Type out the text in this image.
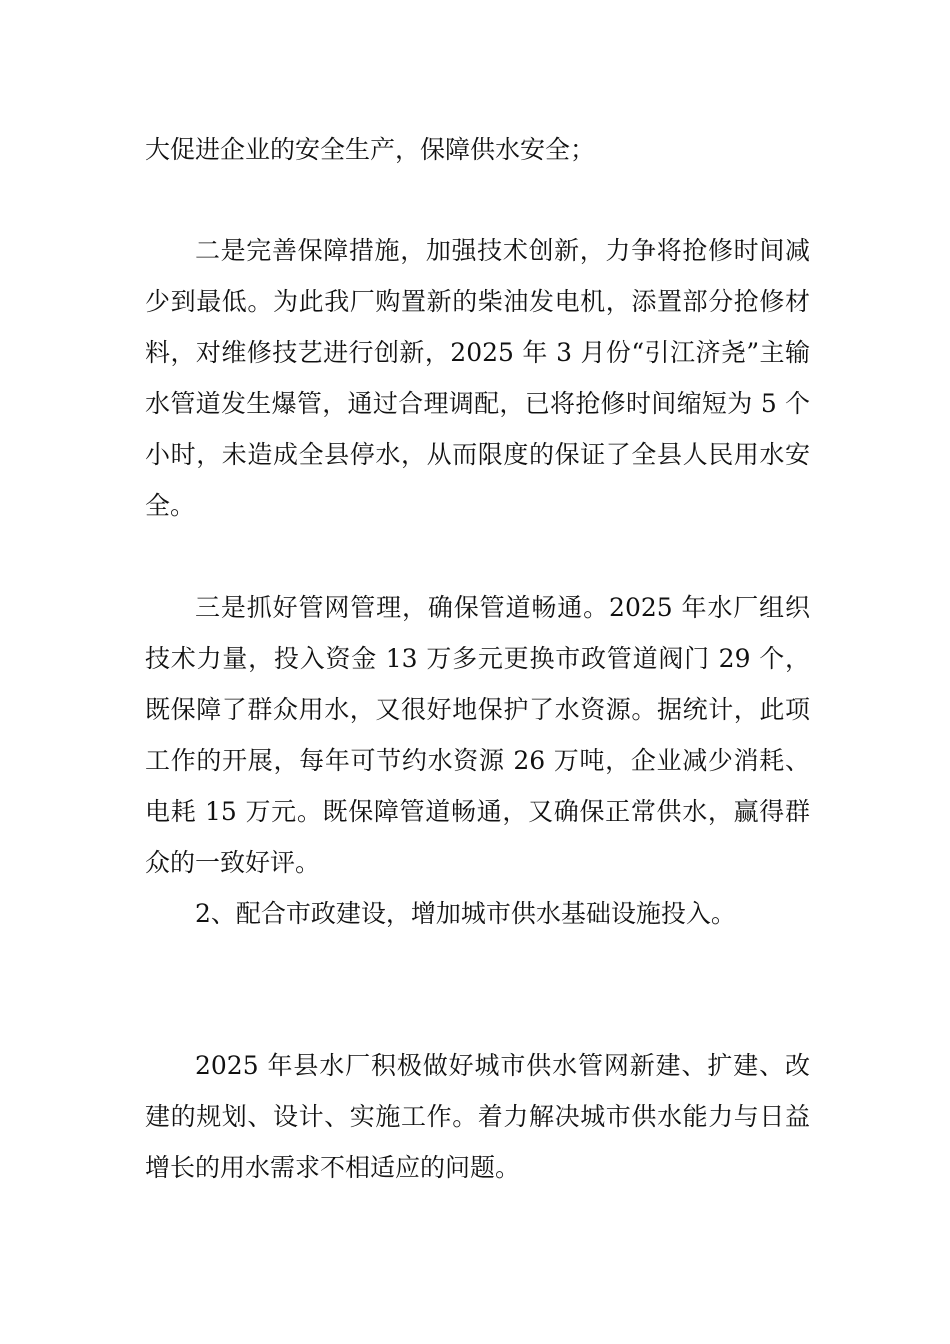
大促进企业的安全生产，保障供水安全；

二是完善保障措施，加强技术创新，力争将抢修时间减少到最低。为此我厂购置新的柴油发电机，添置部分抢修材料，对维修技艺进行创新，2025 年 3 月份“引江济尧”主输水管道发生爆管，通过合理调配，已将抢修时间缩短为 5 个小时，未造成全县停水，从而限度的保证了全县人民用水安全。

三是抓好管网管理，确保管道畅通。2025 年水厂组织技术力量，投入资金 13 万多元更换市政管道阀门 29 个，既保障了群众用水，又很好地保护了水资源。据统计，此项工作的开展，每年可节约水资源 26 万吨，企业减少消耗、电耗 15 万元。既保障管道畅通，又确保正常供水，赢得群众的一致好评。

2、配合市政建设，增加城市供水基础设施投入。

2025 年县水厂积极做好城市供水管网新建、扩建、改建的规划、设计、实施工作。着力解决城市供水能力与日益增长的用水需求不相适应的问题。
